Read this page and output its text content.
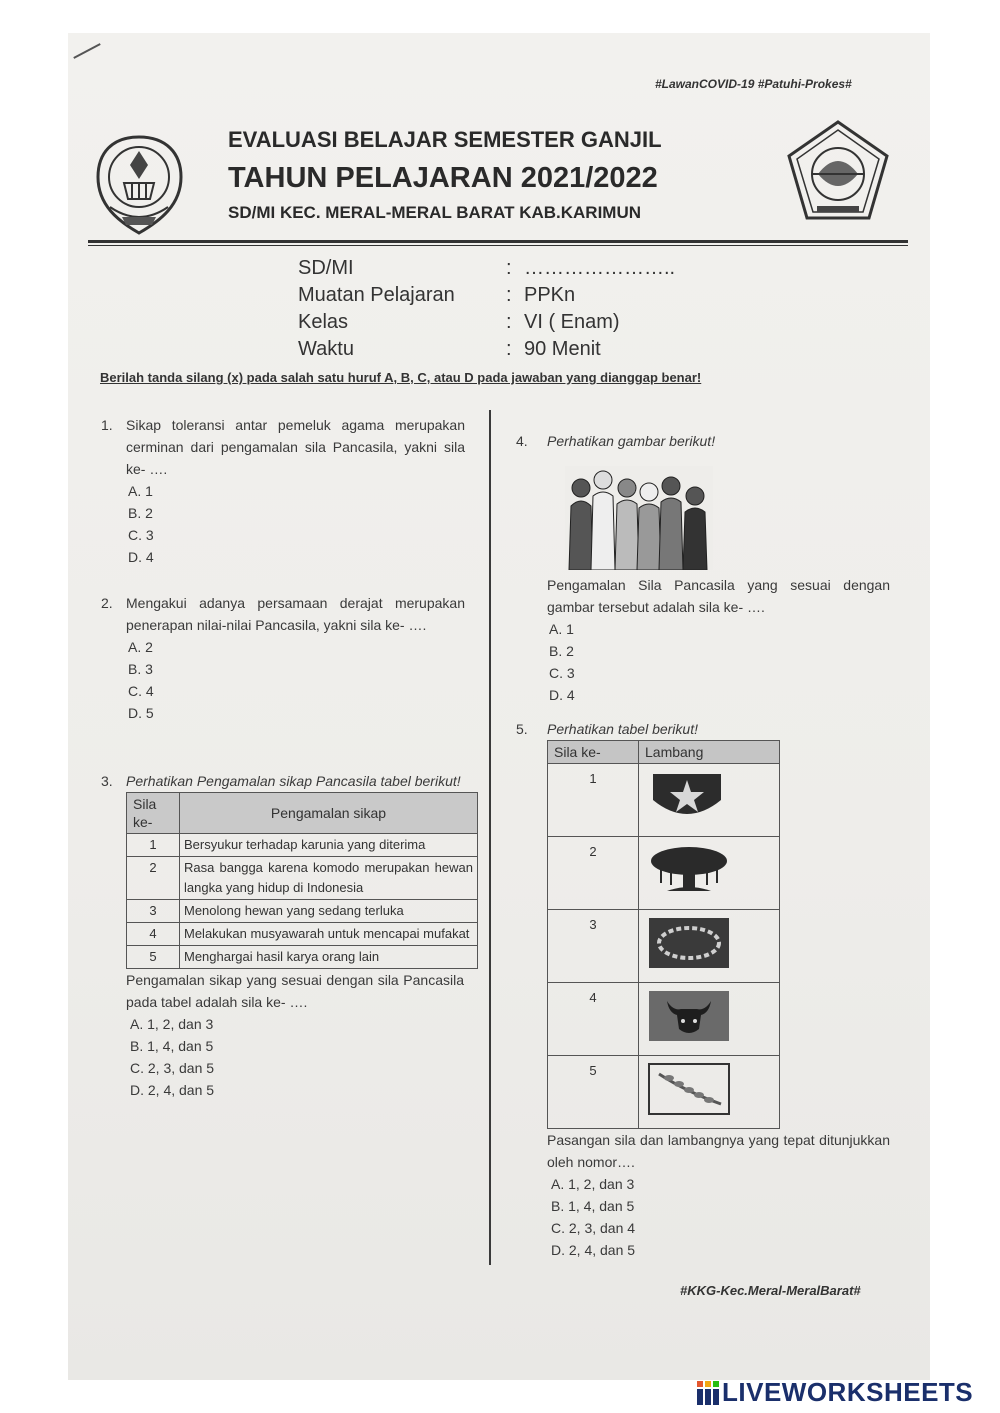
#LawanCOVID-19 #Patuhi-Prokes#
EVALUASI BELAJAR SEMESTER GANJIL
TAHUN PELAJARAN 2021/2022
SD/MI KEC. MERAL-MERAL BARAT KAB.KARIMUN
SD/MI	: …………………..
Muatan Pelajaran	: PPKn
Kelas	: VI ( Enam)
Waktu	: 90 Menit
Berilah tanda silang (x) pada salah satu huruf A, B, C, atau D pada jawaban yang dianggap benar!
1. Sikap toleransi antar pemeluk agama merupakan cerminan dari pengamalan sila Pancasila, yakni sila ke- ….
A. 1
B. 2
C. 3
D. 4
2. Mengakui adanya persamaan derajat merupakan penerapan nilai-nilai Pancasila, yakni sila ke- ….
A. 2
B. 3
C. 4
D. 5
3. Perhatikan Pengamalan sikap Pancasila tabel berikut!
Sila ke-	Pengamalan sikap
1	Bersyukur terhadap karunia yang diterima
2	Rasa bangga karena komodo merupakan hewan langka yang hidup di Indonesia
3	Menolong hewan yang sedang terluka
4	Melakukan musyawarah untuk mencapai mufakat
5	Menghargai hasil karya orang lain
Pengamalan sikap yang sesuai dengan sila Pancasila pada tabel adalah sila ke- ….
A. 1, 2, dan 3
B. 1, 4, dan 5
C. 2, 3, dan 5
D. 2, 4, dan 5
4. Perhatikan gambar berikut!
Pengamalan Sila Pancasila yang sesuai dengan gambar tersebut adalah sila ke- ….
A. 1
B. 2
C. 3
D. 4
5. Perhatikan tabel berikut!
Sila ke-	Lambang
1	
2	
3	
4	
5	
Pasangan sila dan lambangnya yang tepat ditunjukkan oleh nomor….
A. 1, 2, dan 3
B. 1, 4, dan 5
C. 2, 3, dan 4
D. 2, 4, dan 5
#KKG-Kec.Meral-MeralBarat#
LIVEWORKSHEETS
